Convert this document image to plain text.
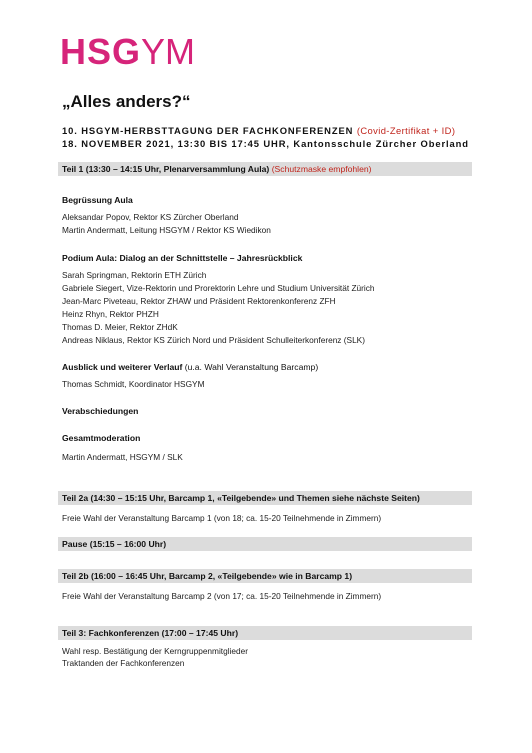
HSGYM
„Alles anders?“
10. HSGYM-HERBSTTAGUNG DER FACHKONFERENZEN (Covid-Zertifikat + ID)
18. NOVEMBER 2021, 13:30 BIS 17:45 UHR, Kantonsschule Zürcher Oberland
Teil 1 (13:30 – 14:15 Uhr, Plenarversammlung Aula) (Schutzmaske empfohlen)
Begrüssung Aula
Aleksandar Popov, Rektor KS Zürcher Oberland
Martin Andermatt, Leitung HSGYM / Rektor KS Wiedikon
Podium Aula: Dialog an der Schnittstelle – Jahresrückblick
Sarah Springman, Rektorin ETH Zürich
Gabriele Siegert, Vize-Rektorin und Prorektorin Lehre und Studium Universität Zürich
Jean-Marc Piveteau, Rektor ZHAW und Präsident Rektorenkonferenz ZFH
Heinz Rhyn, Rektor PHZH
Thomas D. Meier, Rektor ZHdK
Andreas Niklaus, Rektor KS Zürich Nord und Präsident Schulleiterkonferenz (SLK)
Ausblick und weiterer Verlauf (u.a. Wahl Veranstaltung Barcamp)
Thomas Schmidt, Koordinator HSGYM
Verabschiedungen
Gesamtmoderation
Martin Andermatt, HSGYM / SLK
Teil 2a (14:30 – 15:15 Uhr, Barcamp 1, «Teilgebende» und Themen siehe nächste Seiten)
Freie Wahl der Veranstaltung Barcamp 1 (von 18; ca. 15-20 Teilnehmende in Zimmern)
Pause (15:15 – 16:00 Uhr)
Teil 2b (16:00 – 16:45 Uhr, Barcamp 2, «Teilgebende» wie in Barcamp 1)
Freie Wahl der Veranstaltung Barcamp 2 (von 17; ca. 15-20 Teilnehmende in Zimmern)
Teil 3: Fachkonferenzen (17:00 – 17:45 Uhr)
Wahl resp. Bestätigung der Kerngruppenmitglieder
Traktanden der Fachkonferenzen
